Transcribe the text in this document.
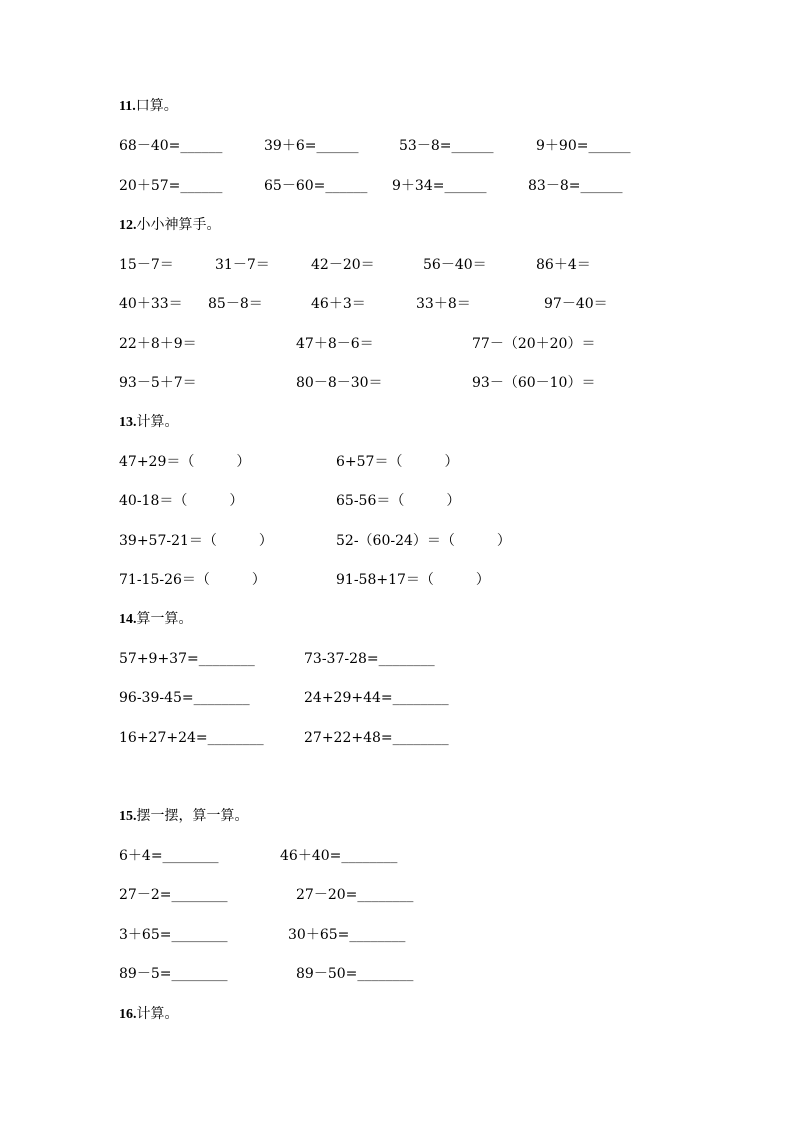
11.口算。
68－40=______	39＋6=______	53－8=______	9＋90=______
20＋57=______	65－60=______ 9＋34=______	83－8=______
12.小小神算手。
15－7＝	31－7＝	42－20＝	56－40＝	86＋4＝
40＋33＝ 85－8＝	46＋3＝	33＋8＝	97－40＝
22＋8＋9＝	47＋8－6＝	77－（20＋20）＝
93－5＋7＝	80－8－30＝	93－（60－10）＝
13.计算。
47+29＝（　　　）	6+57＝（　　　）
40-18＝（　　　）	65-56＝（　　　）
39+57-21＝（　　　）	52-（60-24）＝（　　　）
71-15-26＝（　　　）	91-58+17＝（　　　）
14.算一算。
57+9+37=________	73-37-28=________
96-39-45=________	24+29+44=________
16+27+24=________	27+22+48=________
15.摆一摆，算一算。
6＋4=________	46＋40=________
27－2=________	27－20=________
3＋65=________	30＋65=________
89－5=________	89－50=________
16.计算。
